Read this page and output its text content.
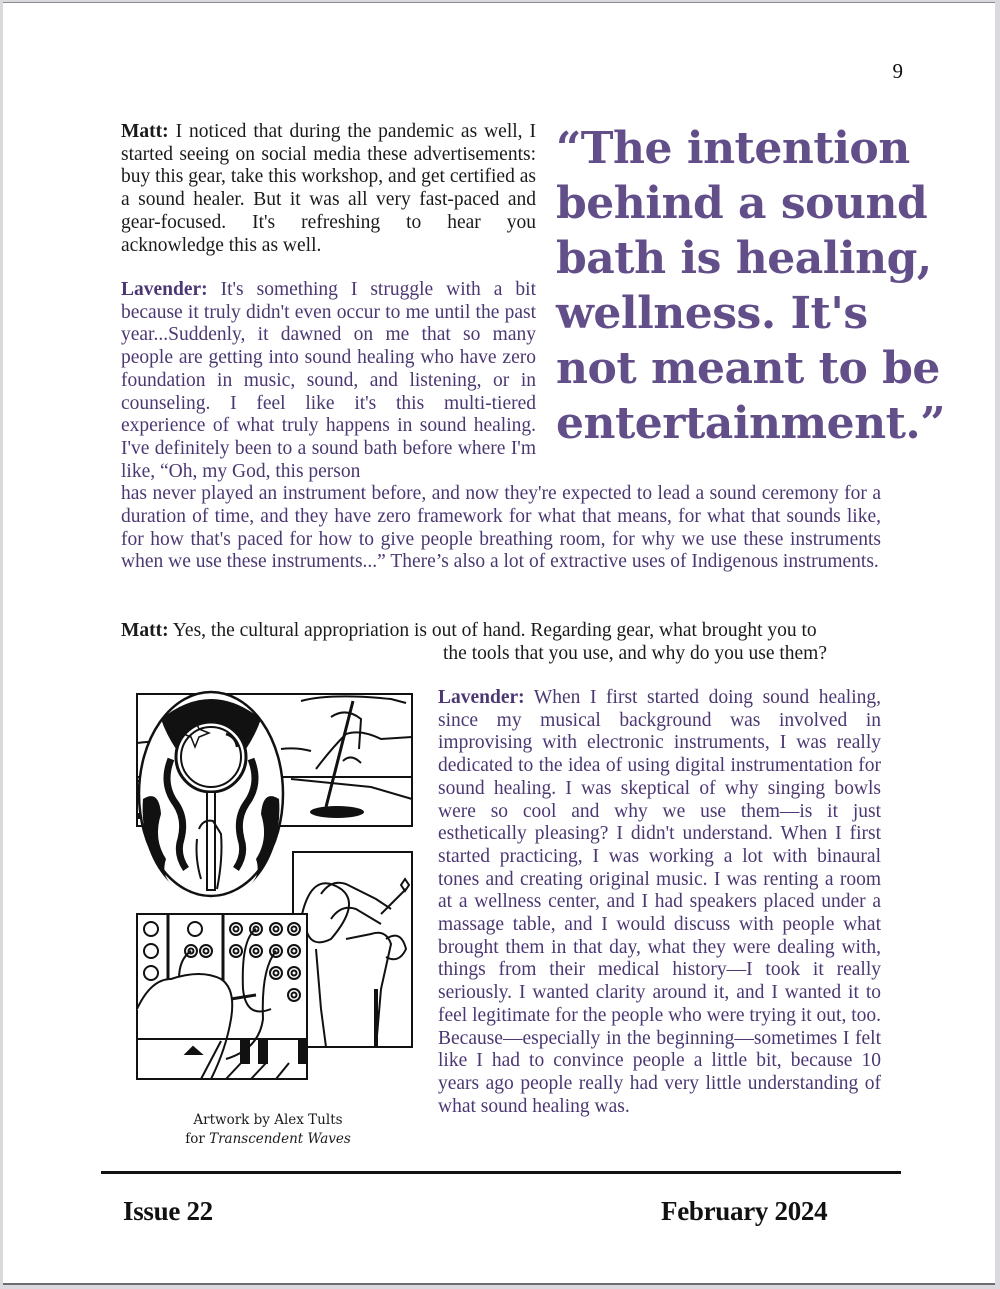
9

Matt: I noticed that during the pandemic as well, I started seeing on social media these advertisements: buy this gear, take this workshop, and get certified as a sound healer. But it was all very fast-paced and gear-focused. It's refreshing to hear you acknowledge this as well.

Lavender: It's something I struggle with a bit because it truly didn't even occur to me until the past year...Suddenly, it dawned on me that so many people are getting into sound healing who have zero foundation in music, sound, and listening, or in counseling. I feel like it's this multi-tiered experience of what truly happens in sound healing. I've definitely been to a sound bath before where I'm like, “Oh, my God, this person
has never played an instrument before, and now they're expected to lead a sound ceremony for a duration of time, and they have zero framework for what that means, for what that sounds like, for how that's paced for how to give people breathing room, for why we use these instruments when we use these instruments...” There’s also a lot of extractive uses of Indigenous instruments.

“The intention
behind a sound
bath is healing,
wellness. It's
not meant to be
entertainment.”

Matt: Yes, the cultural appropriation is out of hand. Regarding gear, what brought you to
the tools that you use, and why do you use them?

Artwork by Alex Tults
for Transcendent Waves

Lavender: When I first started doing sound healing, since my musical background was involved in improvising with electronic instruments, I was really dedicated to the idea of using digital instrumentation for sound healing. I was skeptical of why singing bowls were so cool and why we use them—is it just esthetically pleasing? I didn't understand. When I first started practicing, I was working a lot with binaural tones and creating original music. I was renting a room at a wellness center, and I had speakers placed under a massage table, and I would discuss with people what brought them in that day, what they were dealing with, things from their medical history—I took it really seriously. I wanted clarity around it, and I wanted it to feel legitimate for the people who were trying it out, too. Because—especially in the beginning—sometimes I felt like I had to convince people a little bit, because 10 years ago people really had very little understanding of what sound healing was.

Issue 22	February 2024
